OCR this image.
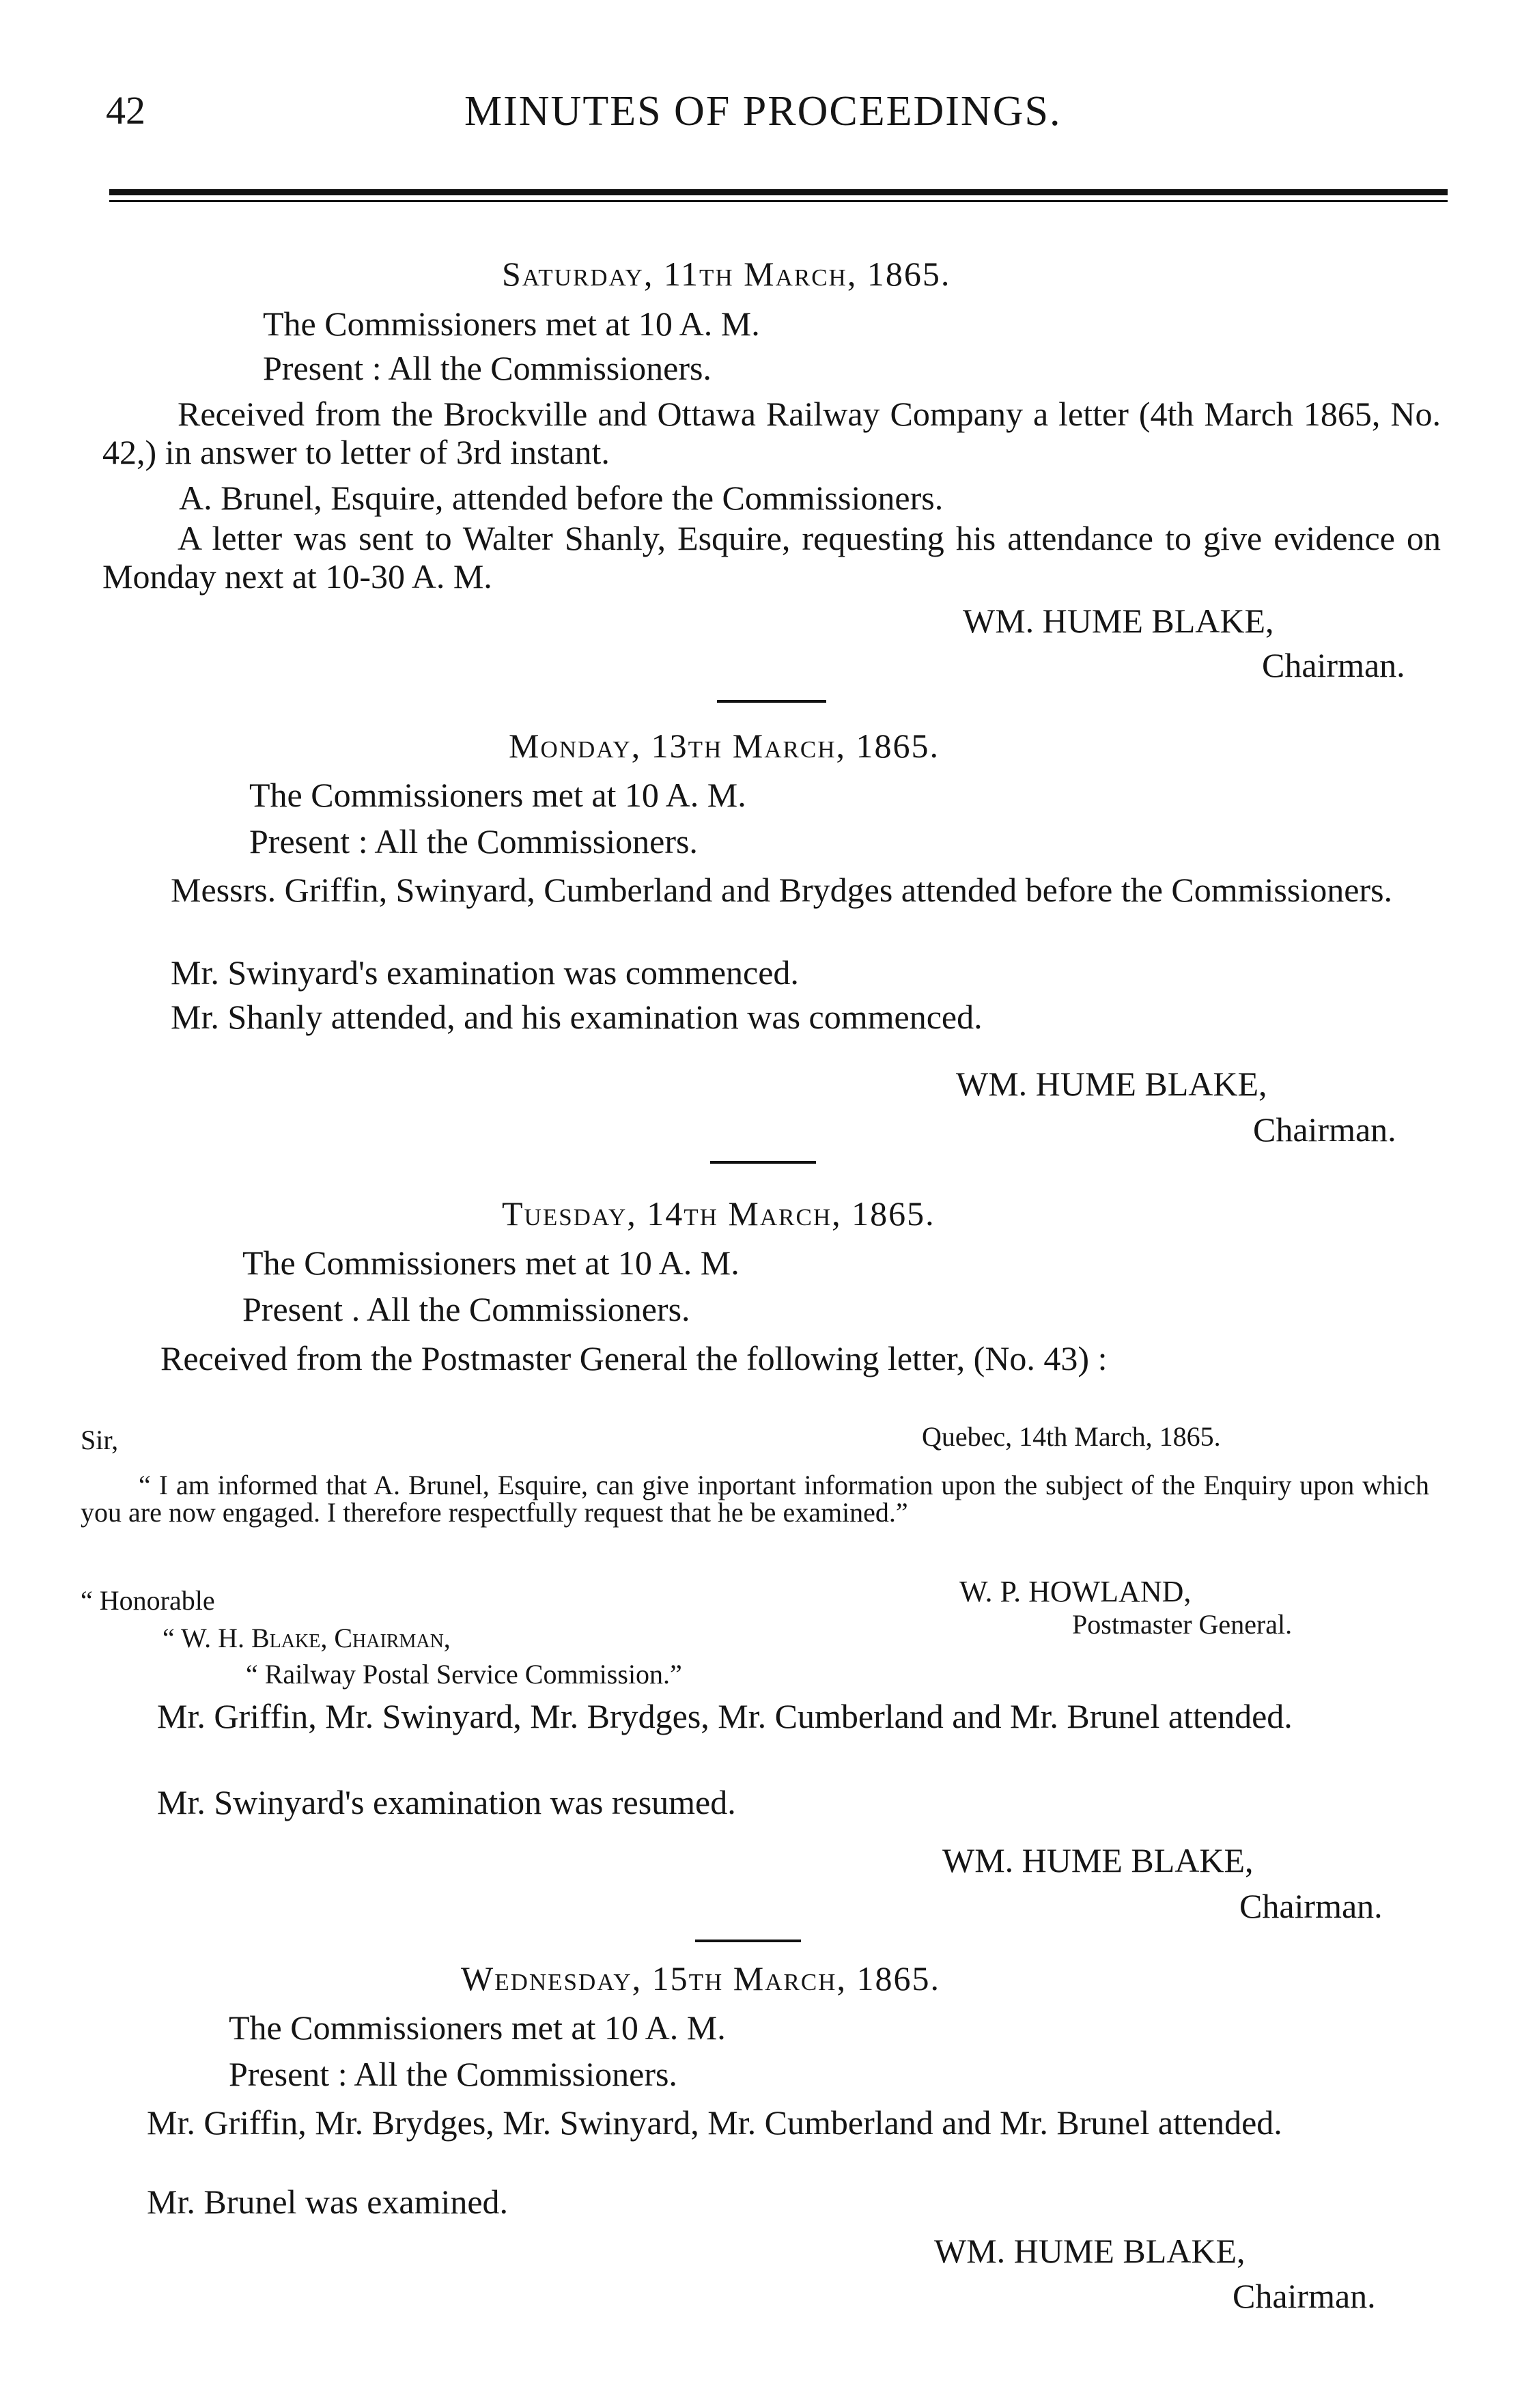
42	MINUTES OF PROCEEDINGS.
Saturday, 11th March, 1865.
The Commissioners met at 10 A. M.
Present : All the Commissioners.
Received from the Brockville and Ottawa Railway Company a letter (4th March 1865, No. 42,) in answer to letter of 3rd instant.
A. Brunel, Esquire, attended before the Commissioners.
A letter was sent to Walter Shanly, Esquire, requesting his attendance to give evidence on Monday next at 10-30 A. M.
WM. HUME BLAKE,
Chairman.
Monday, 13th March, 1865.
The Commissioners met at 10 A. M.
Present : All the Commissioners.
Messrs. Griffin, Swinyard, Cumberland and Brydges attended before the Commissioners.
Mr. Swinyard's examination was commenced.
Mr. Shanly attended, and his examination was commenced.
WM. HUME BLAKE,
Chairman.
Tuesday, 14th March, 1865.
The Commissioners met at 10 A. M.
Present . All the Commissioners.
Received from the Postmaster General the following letter, (No. 43) :
Sir,	Quebec, 14th March, 1865.
“ I am informed that A. Brunel, Esquire, can give inportant information upon the subject of the Enquiry upon which you are now engaged. I therefore respectfully request that he be examined.”
W. P. HOWLAND,
Postmaster General.
“ Honorable
“ W. H. Blake, Chairman,
“ Railway Postal Service Commission.”
Mr. Griffin, Mr. Swinyard, Mr. Brydges, Mr. Cumberland and Mr. Brunel attended.
Mr. Swinyard's examination was resumed.
WM. HUME BLAKE,
Chairman.
Wednesday, 15th March, 1865.
The Commissioners met at 10 A. M.
Present : All the Commissioners.
Mr. Griffin, Mr. Brydges, Mr. Swinyard, Mr. Cumberland and Mr. Brunel attended.
Mr. Brunel was examined.
WM. HUME BLAKE,
Chairman.
